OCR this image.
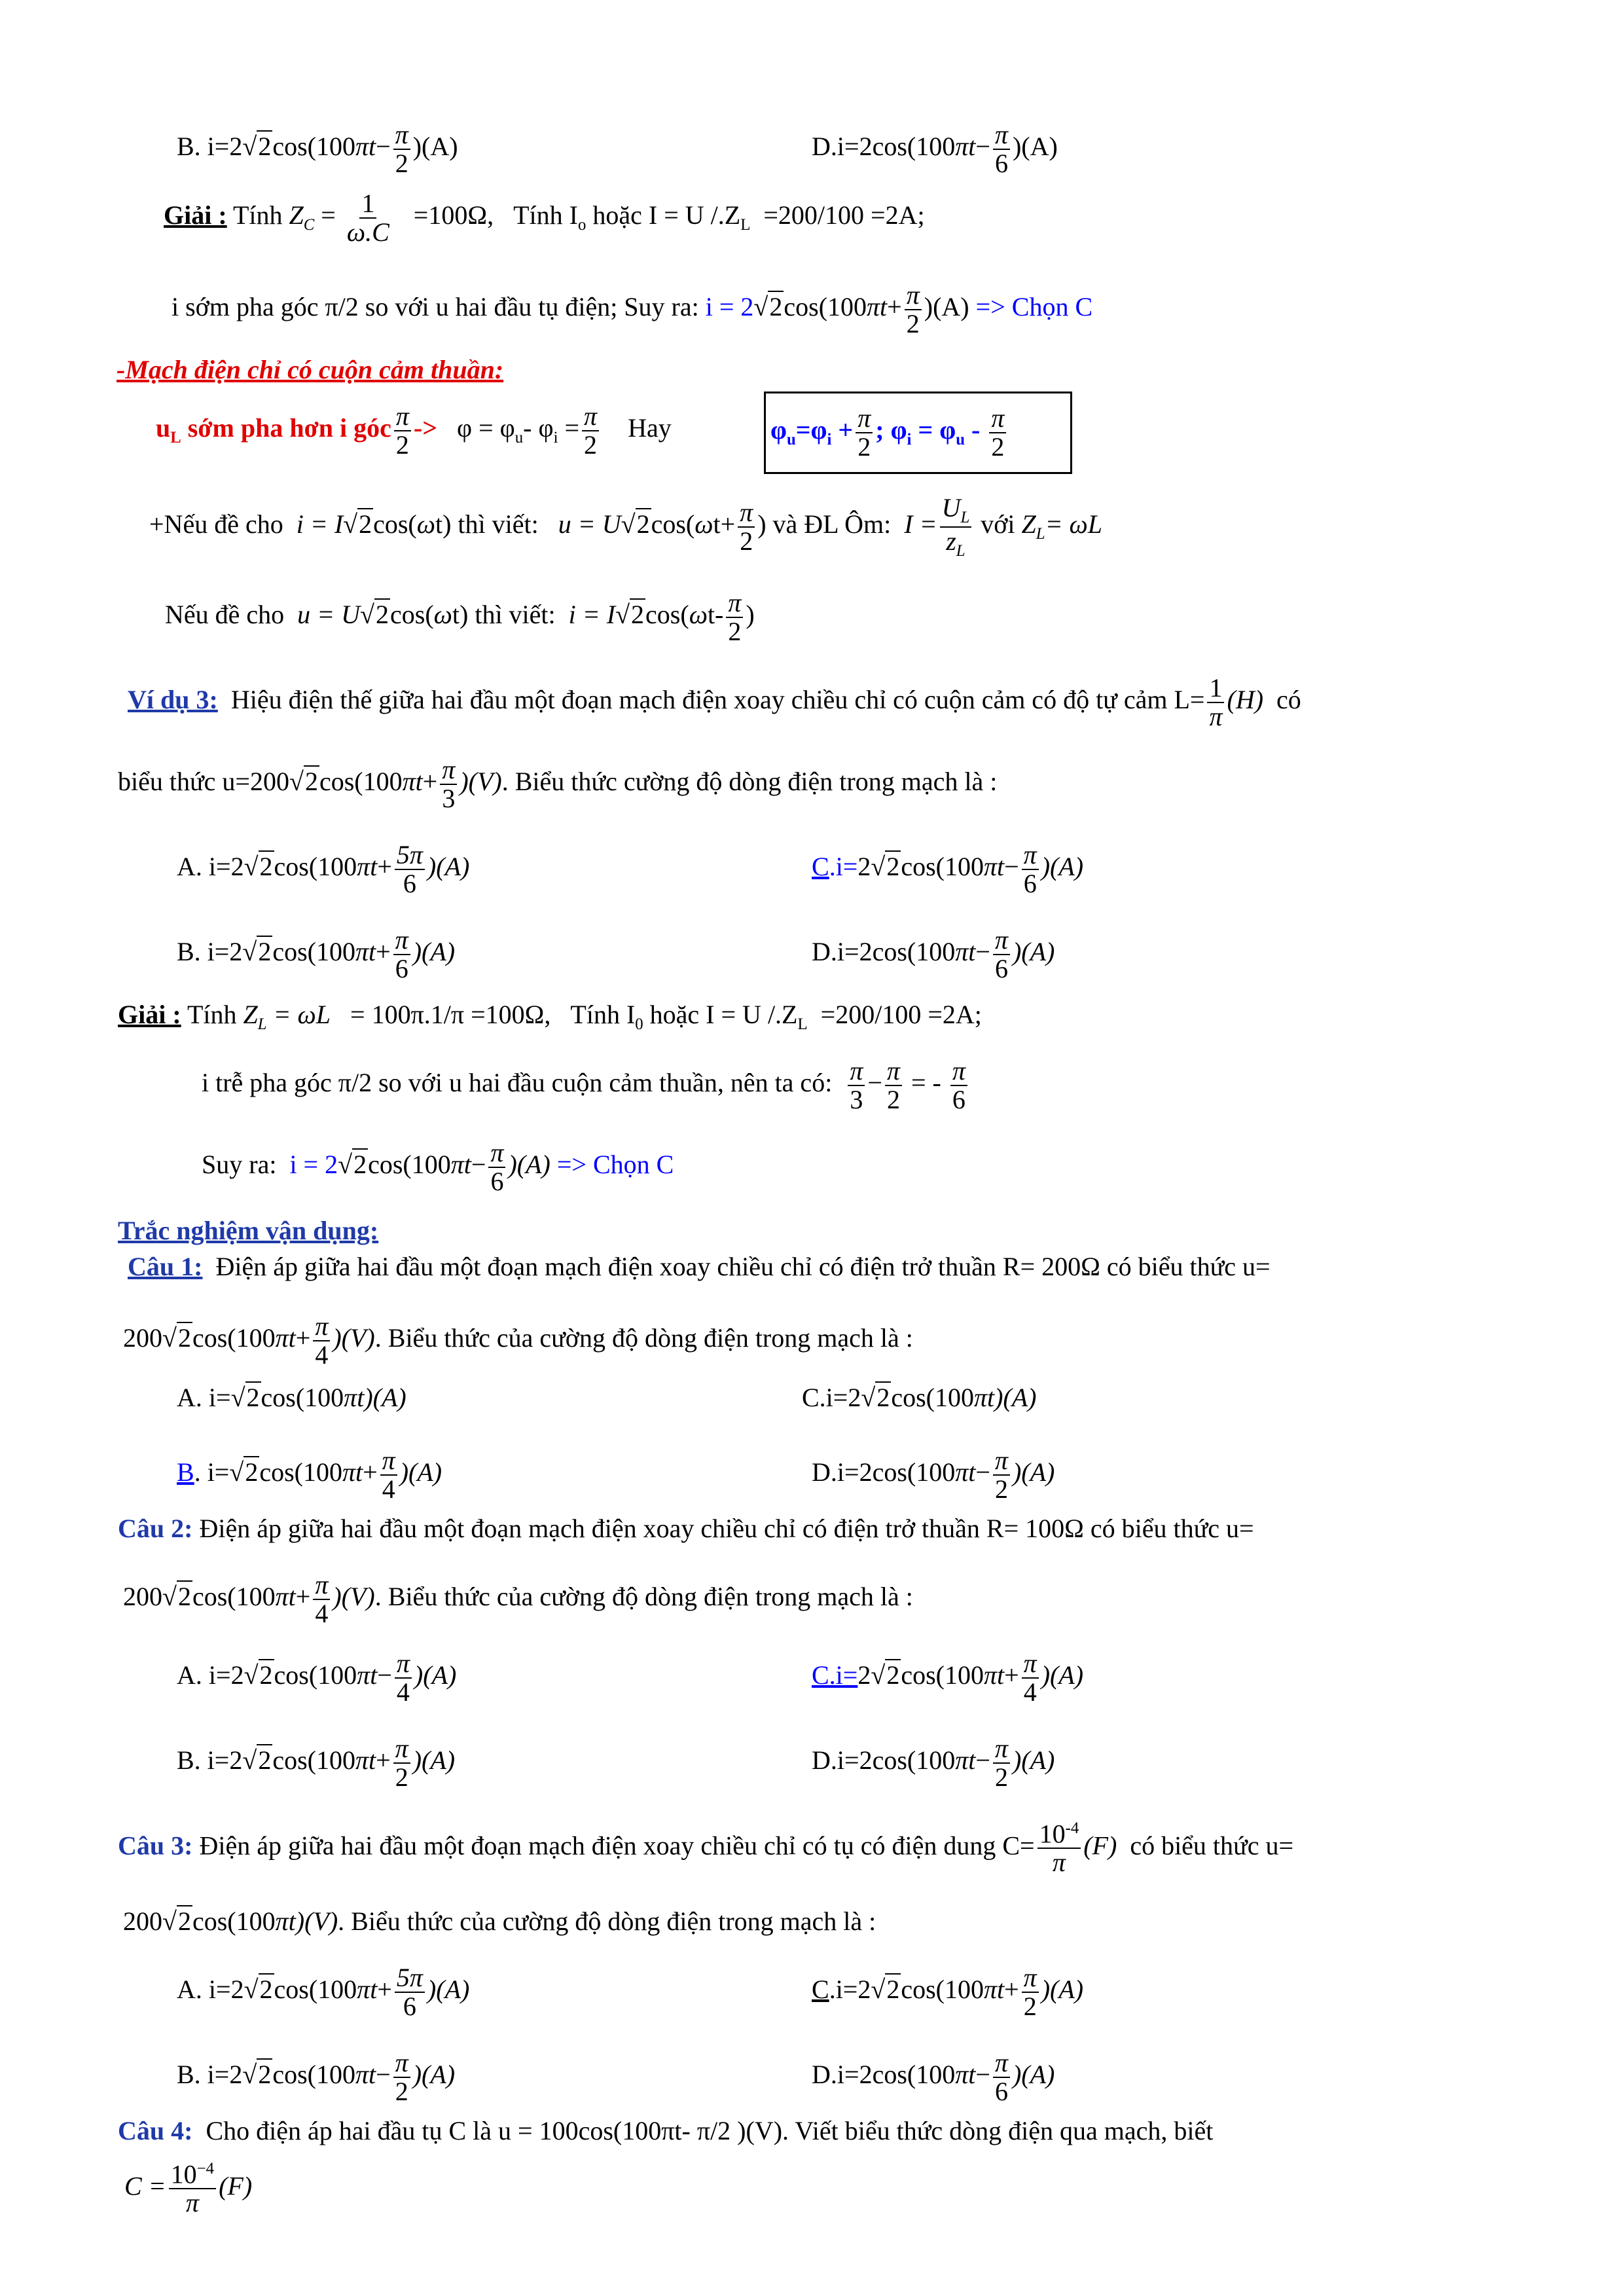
B. $i=2√2\cos(100\pi t- \frac{\pi}{2} )(A)$	$D.i=2\cos(100\pi t- \frac{\pi}{6} )(A)$
Giải : Tính $Z_C = \frac{1}{\omega.C} =100\Omega$, Tính $I_o$ hoặc I = U $/.Z_L =200/100 =2A$;
i sớm pha góc π/2 so với u hai đầu tụ điện; Suy ra: $i = 2√2\cos(100\pi t+ \frac{\pi}{2} )(A)$ => Chọn C
-Mạch điện chỉ có cuộn cảm thuần:
$u_L$ sớm pha hơn i góc $\frac{\pi}{2} -> \varphi = \varphi_u-$ $\varphi_i = \frac{\pi}{2}$ Hay	$\varphi_u=\varphi_i + \frac{\pi}{2}$ ; $\varphi_i = \varphi_u - \frac{\pi}{2}$
+Nếu đề cho i = I√2cos(ωt) thì viết: $u = U√2\cos(\omega t+ \frac{\pi}{2}$ ) và ĐL Ôm: $I = \frac{U_L}{z_L}$ với $Z_L= \omega L$
Nếu đề cho u = U√2cos(ωt) thì viết: $i = I√2\cos(\omega t- \frac{\pi}{2}$ )
Ví dụ 3: Hiệu điện thế giữa hai đầu một đoạn mạch điện xoay chiều chỉ có cuộn cảm có độ tự cảm $L= \frac{1}{\pi} (H)$ có
biểu thức $u=200√2\cos(100\pi t+ \frac{\pi}{3} )(V)$. Biểu thức cường độ dòng điện trong mạch là :
A. $i=2√2\cos(100\pi t+ \frac{5\pi}{6} )(A)$	$C.i=2√2\cos(100\pi t- \frac{\pi}{6} )(A)$
B. $i=2√2\cos(100\pi t+ \frac{\pi}{6} )(A)$	$D.i=2\cos(100\pi t- \frac{\pi}{6} )(A)$
Giải : Tính $Z_L = \omega L = 100\pi.1/\pi =100\Omega$, Tính $I_0$ hoặc I = U $/.Z_L =200/100 =2A$;
i trễ pha góc π/2 so với u hai đầu cuộn cảm thuần, nên ta có: $\frac{\pi}{3} - \frac{\pi}{2}$ = - $\frac{\pi}{6}$
Suy ra: $i = 2√2\cos(100\pi t- \frac{\pi}{6} )(A)$ => Chọn C
Trắc nghiệm vận dụng:
Câu 1: Điện áp giữa hai đầu một đoạn mạch điện xoay chiều chỉ có điện trở thuần R= 200Ω có biểu thức u=
$200√2\cos(100\pi t+ \frac{\pi}{4} )(V)$. Biểu thức của cường độ dòng điện trong mạch là :
A. i=√2cos(100πt)(A)	C.i=2√2cos(100πt)(A)
B. $i=√2\cos(100\pi t+ \frac{\pi}{4} )(A)$	$D.i=2\cos(100\pi t- \frac{\pi}{2} )(A)$
Câu 2: Điện áp giữa hai đầu một đoạn mạch điện xoay chiều chỉ có điện trở thuần R= 100Ω có biểu thức u=
$200√2\cos(100\pi t+ \frac{\pi}{4} )(V)$. Biểu thức của cường độ dòng điện trong mạch là :
A. $i=2√2\cos(100\pi t- \frac{\pi}{4} )(A)$	$C.i=2√2\cos(100\pi t+ \frac{\pi}{4} )(A)$
B. $i=2√2\cos(100\pi t+ \frac{\pi}{2} )(A)$	$D.i=2\cos(100\pi t- \frac{\pi}{2} )(A)$
Câu 3: Điện áp giữa hai đầu một đoạn mạch điện xoay chiều chỉ có tụ có điện dung $C= \frac{10^{-4}}{\pi} (F)$ có biểu thức u=
200√2cos(100πt)(V). Biểu thức của cường độ dòng điện trong mạch là :
A. $i=2√2\cos(100\pi t+ \frac{5\pi}{6} )(A)$	$C.i=2√2\cos(100\pi t+ \frac{\pi}{2} )(A)$
B. $i=2√2\cos(100\pi t- \frac{\pi}{2} )(A)$	$D.i=2\cos(100\pi t- \frac{\pi}{6} )(A)$
Câu 4: Cho điện áp hai đầu tụ C là u = 100cos(100πt- π/2 )(V). Viết biểu thức dòng điện qua mạch, biết
$C = \frac{10^{-4}}{\pi} (F)$
